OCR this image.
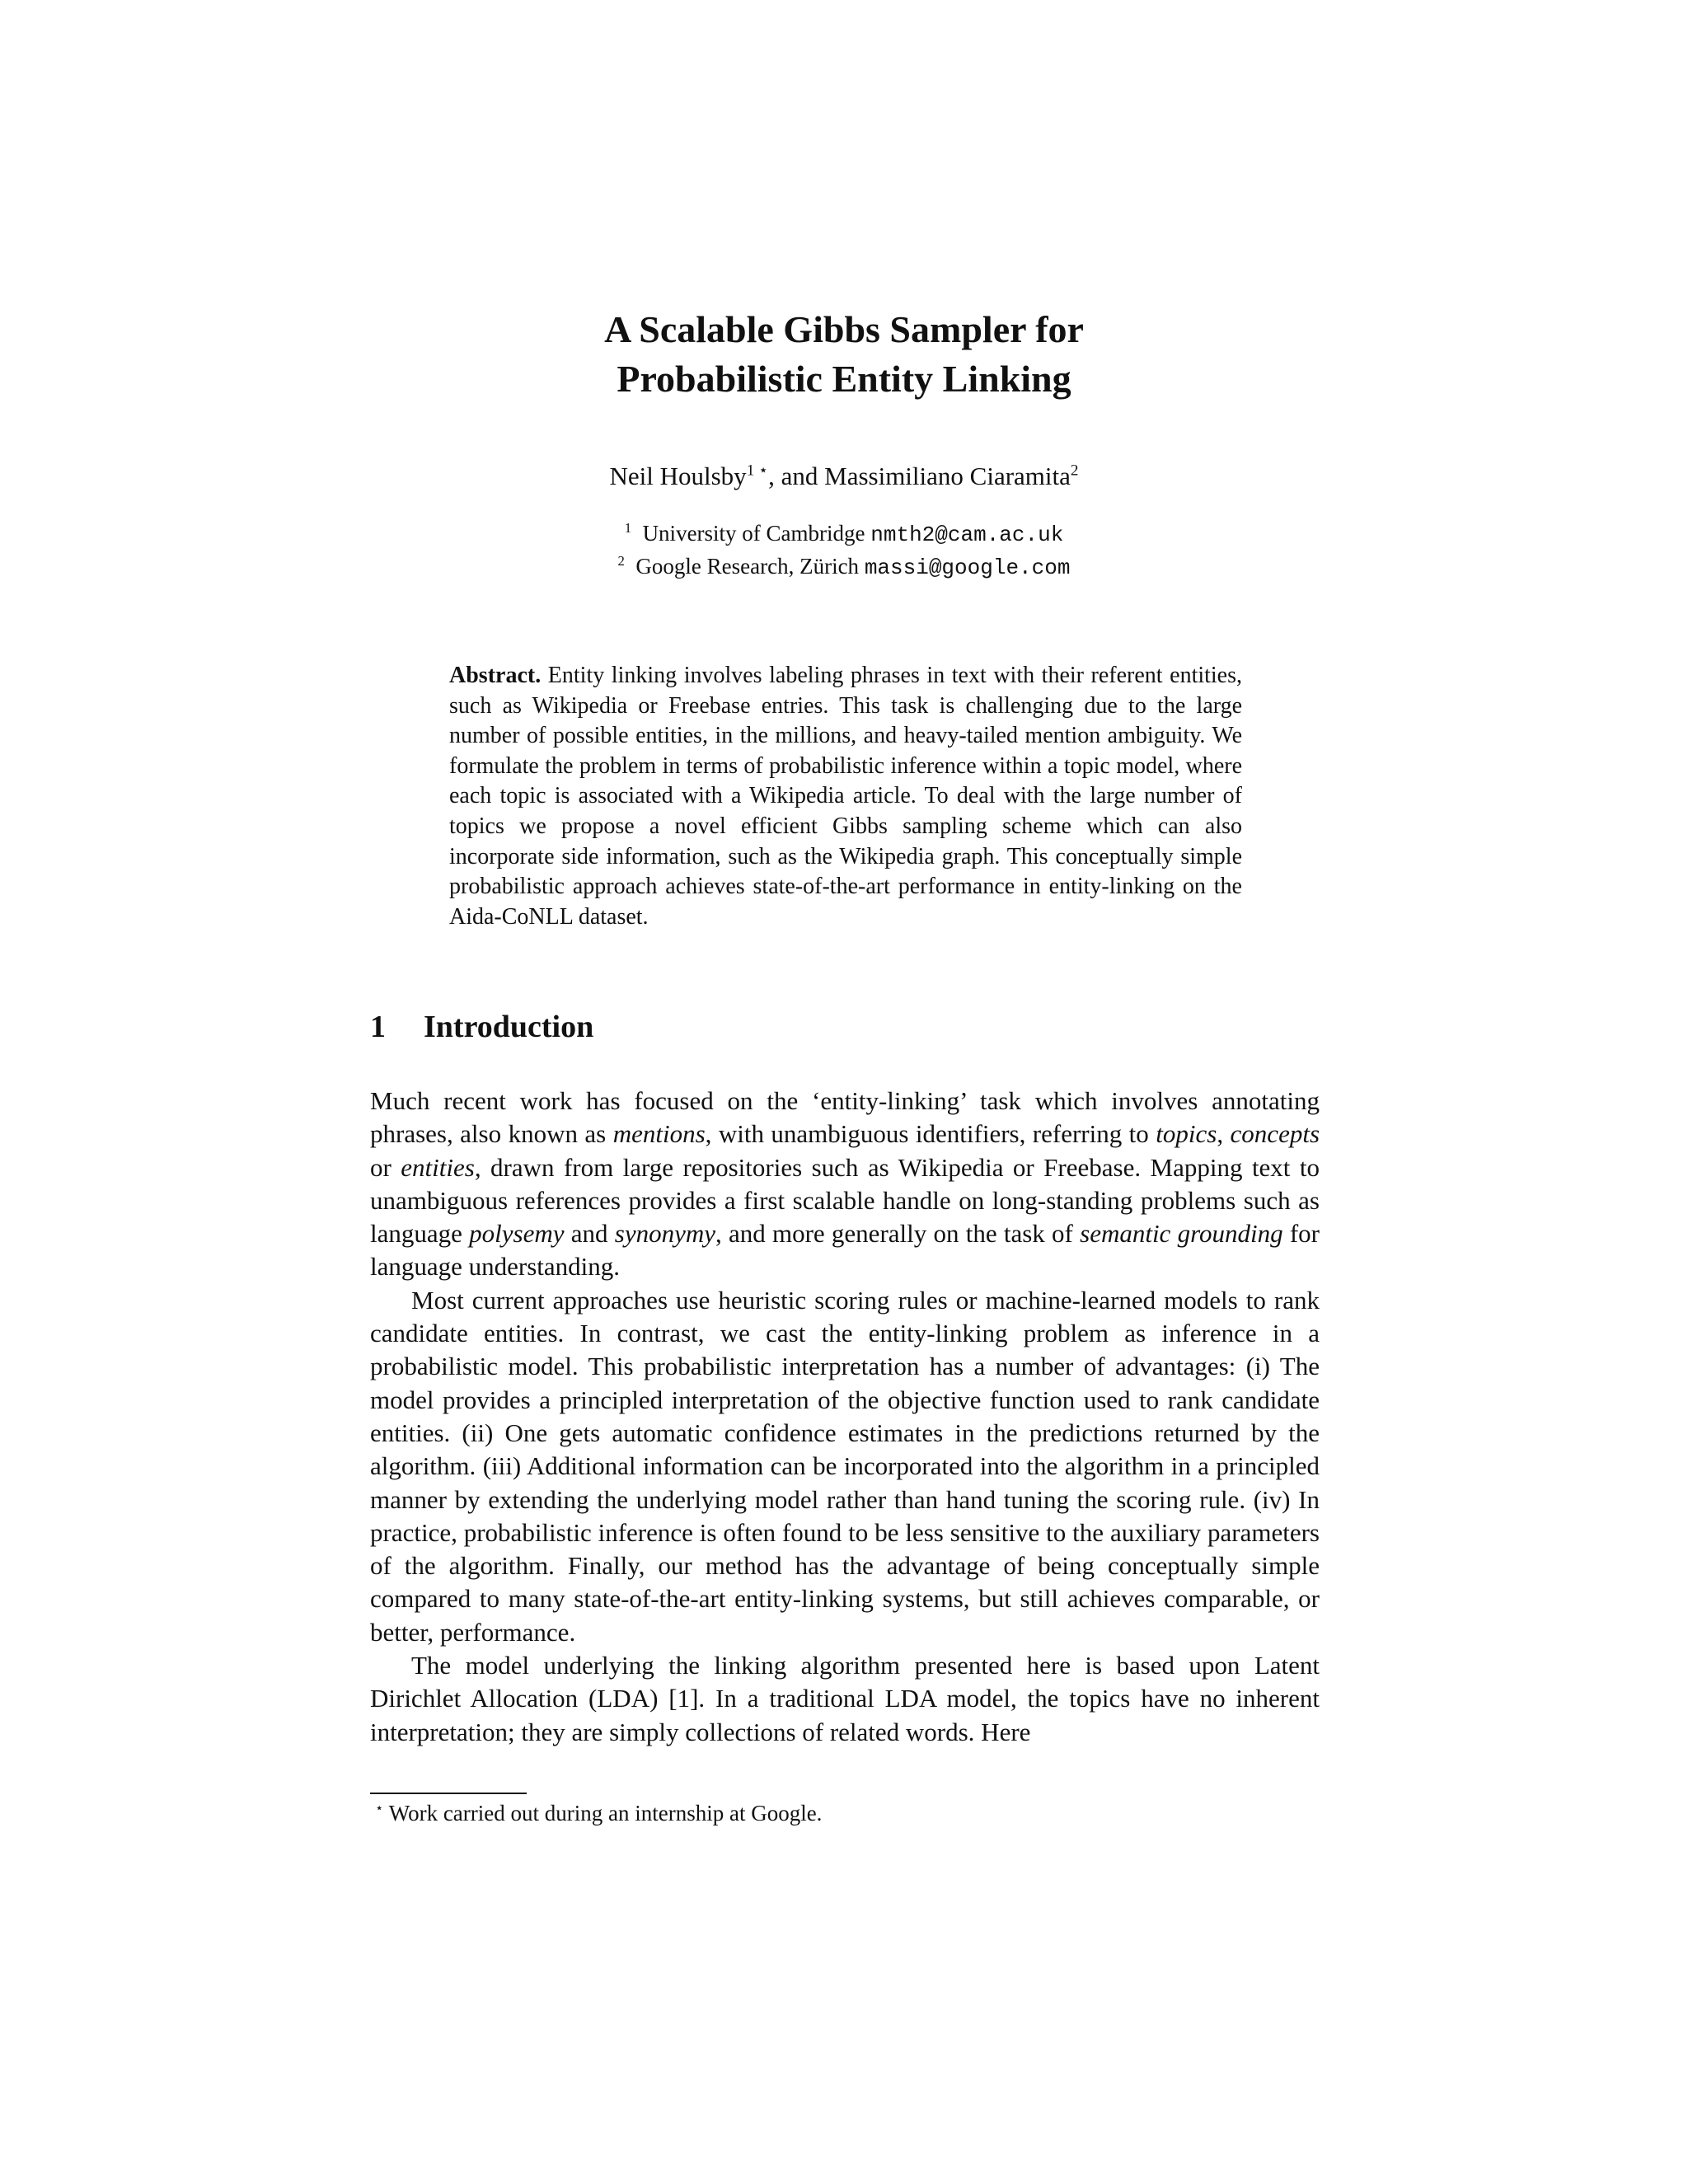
A Scalable Gibbs Sampler for
Probabilistic Entity Linking
Neil Houlsby$^{1 ⋆}$, and Massimiliano Ciaramita$^2$
$^1$ University of Cambridge nmth2@cam.ac.uk
$^2$ Google Research, Zürich massi@google.com
Abstract. Entity linking involves labeling phrases in text with their referent entities, such as Wikipedia or Freebase entries. This task is challenging due to the large number of possible entities, in the millions, and heavy-tailed mention ambiguity. We formulate the problem in terms of probabilistic inference within a topic model, where each topic is associated with a Wikipedia article. To deal with the large number of topics we propose a novel efficient Gibbs sampling scheme which can also incorporate side information, such as the Wikipedia graph. This conceptually simple probabilistic approach achieves state-of-the-art performance in entity-linking on the Aida-CoNLL dataset.
1 Introduction

Much recent work has focused on the ‘entity-linking’ task which involves annotating phrases, also known as mentions, with unambiguous identifiers, referring to topics, concepts or entities, drawn from large repositories such as Wikipedia or Freebase. Mapping text to unambiguous references provides a first scalable handle on long-standing problems such as language polysemy and synonymy, and more generally on the task of semantic grounding for language understanding.

Most current approaches use heuristic scoring rules or machine-learned models to rank candidate entities. In contrast, we cast the entity-linking problem as inference in a probabilistic model. This probabilistic interpretation has a number of advantages: (i) The model provides a principled interpretation of the objective function used to rank candidate entities. (ii) One gets automatic confidence estimates in the predictions returned by the algorithm. (iii) Additional information can be incorporated into the algorithm in a principled manner by extending the underlying model rather than hand tuning the scoring rule. (iv) In practice, probabilistic inference is often found to be less sensitive to the auxiliary parameters of the algorithm. Finally, our method has the advantage of being conceptually simple compared to many state-of-the-art entity-linking systems, but still achieves comparable, or better, performance.

The model underlying the linking algorithm presented here is based upon Latent Dirichlet Allocation (LDA) [1]. In a traditional LDA model, the topics have no inherent interpretation; they are simply collections of related words. Here

⋆ Work carried out during an internship at Google.
